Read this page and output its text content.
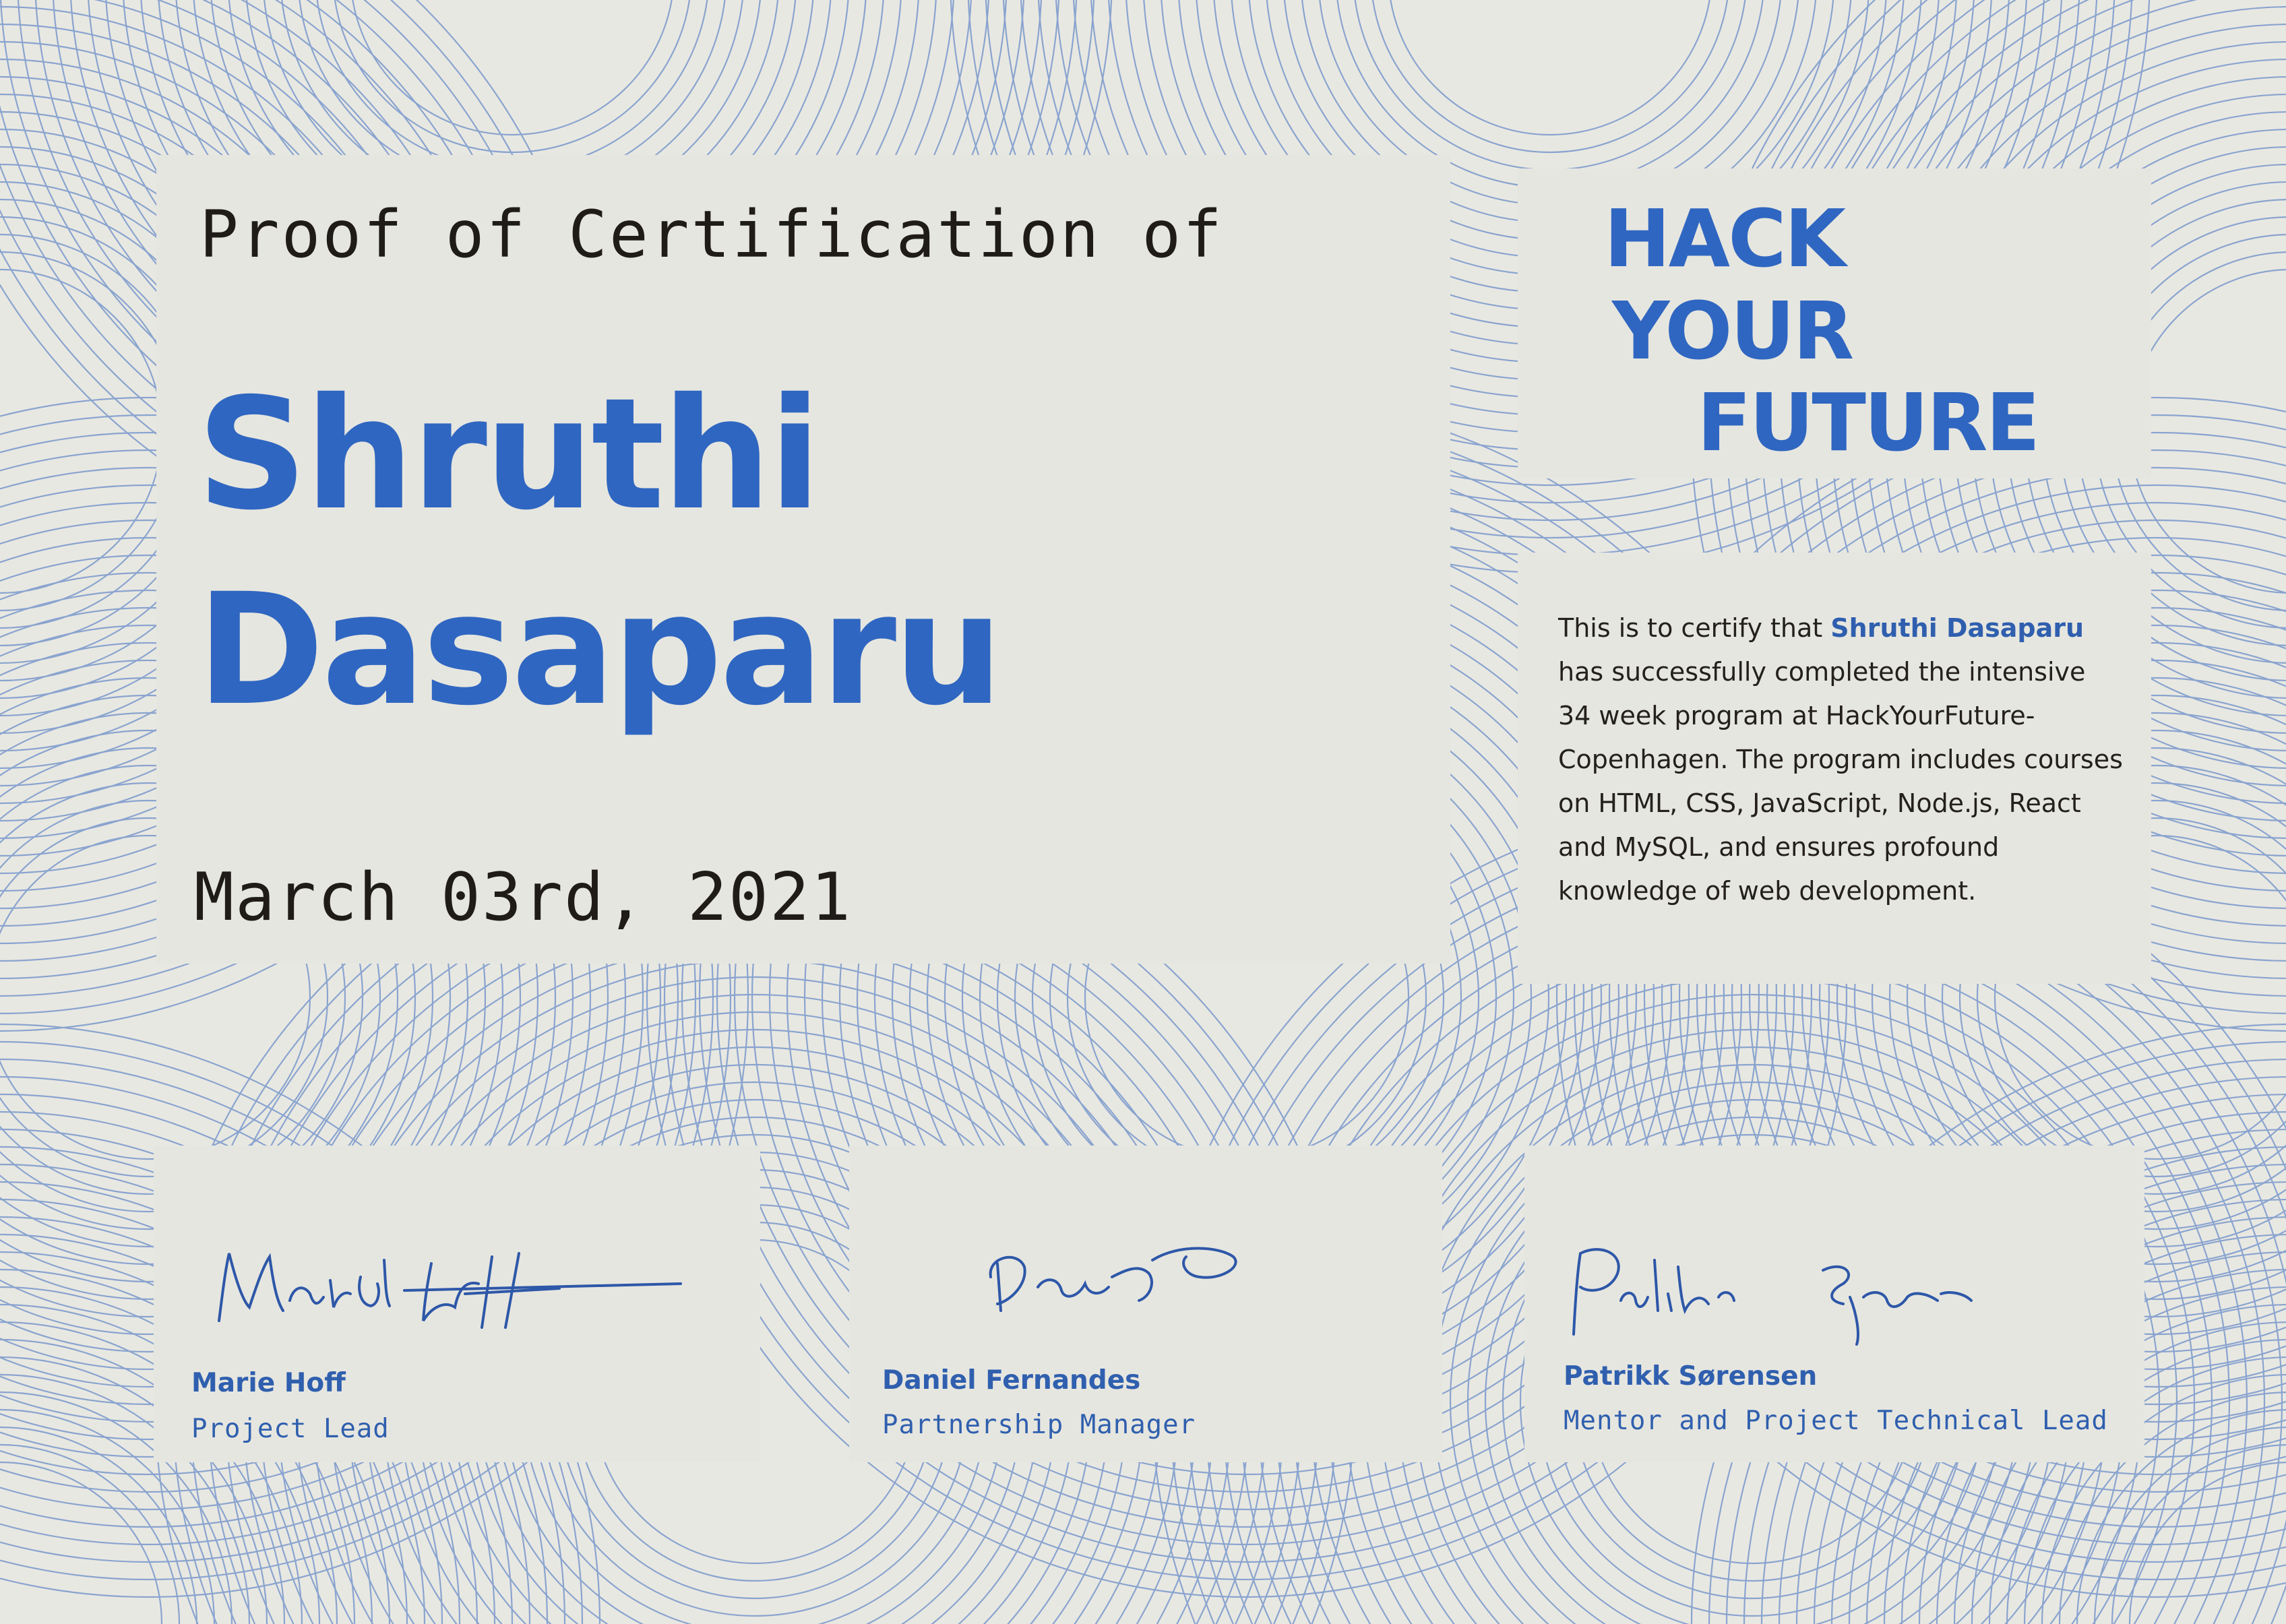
Proof of Certification of
Shruthi
Dasaparu
March 03rd, 2021
HACK
YOUR
FUTURE
This is to certify that Shruthi Dasaparu has successfully completed the intensive 34 week program at HackYourFuture-Copenhagen. The program includes courses on HTML, CSS, JavaScript, Node.js, React and MySQL, and ensures profound knowledge of web development.
Marie Hoff
Project Lead
Daniel Fernandes
Partnership Manager
Patrikk Sørensen
Mentor and Project Technical Lead
